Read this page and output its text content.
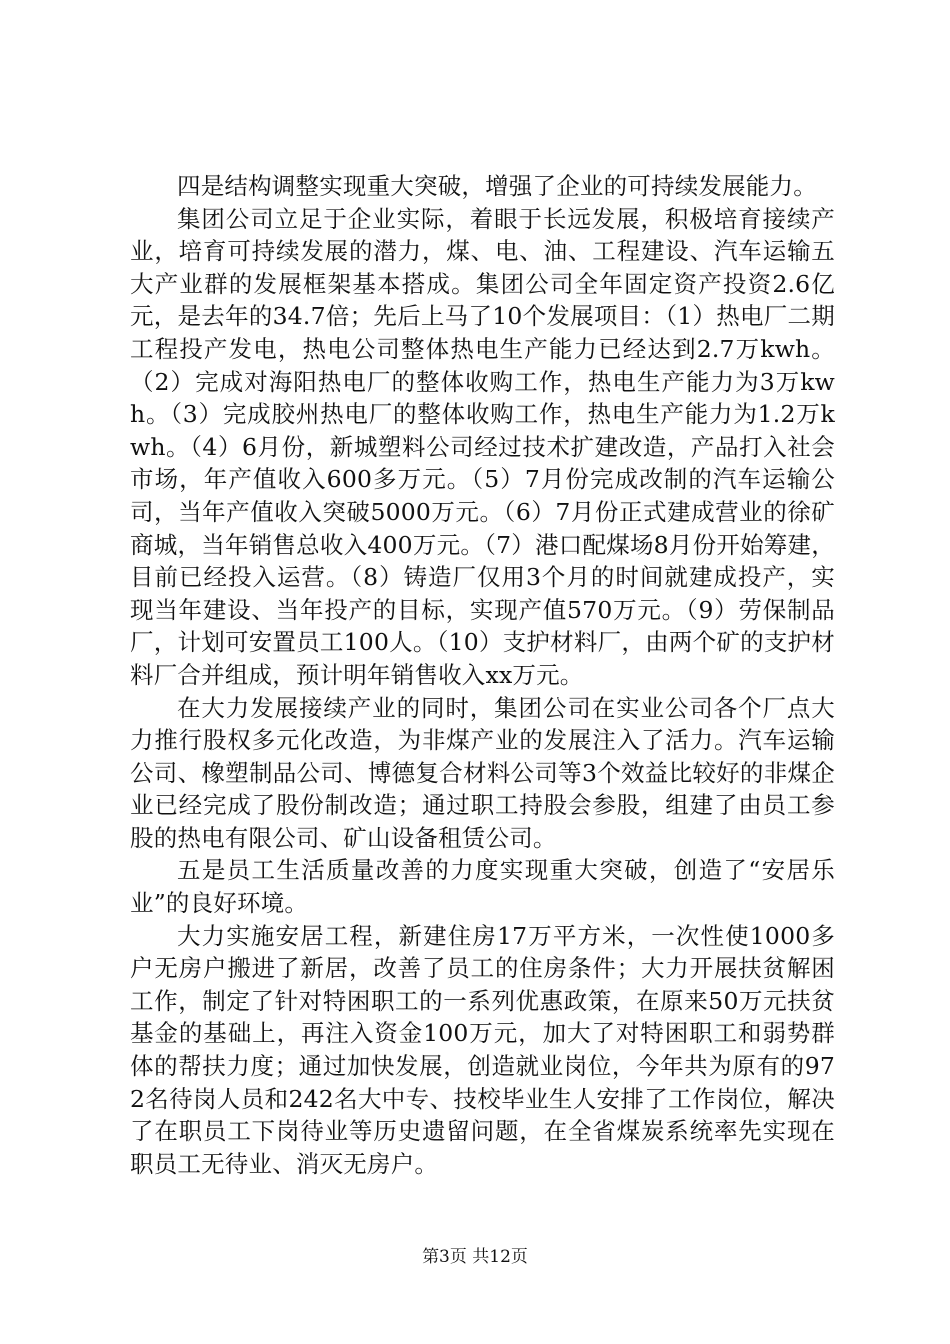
四是结构调整实现重大突破，增强了企业的可持续发展能力。

集团公司立足于企业实际，着眼于长远发展，积极培育接续产业，培育可持续发展的潜力，煤、电、油、工程建设、汽车运输五大产业群的发展框架基本搭成。集团公司全年固定资产投资2.6亿元，是去年的34.7倍；先后上马了10个发展项目：（1）热电厂二期工程投产发电，热电公司整体热电生产能力已经达到2.7万kwh。（2）完成对海阳热电厂的整体收购工作，热电生产能力为3万kwh。（3）完成胶州热电厂的整体收购工作，热电生产能力为1.2万kwh。（4）6月份，新城塑料公司经过技术扩建改造，产品打入社会市场，年产值收入600多万元。（5）7月份完成改制的汽车运输公司，当年产值收入突破5000万元。（6）7月份正式建成营业的徐矿商城，当年销售总收入400万元。（7）港口配煤场8月份开始筹建，目前已经投入运营。（8）铸造厂仅用3个月的时间就建成投产，实现当年建设、当年投产的目标，实现产值570万元。（9）劳保制品厂，计划可安置员工100人。（10）支护材料厂，由两个矿的支护材料厂合并组成，预计明年销售收入xx万元。

在大力发展接续产业的同时，集团公司在实业公司各个厂点大力推行股权多元化改造，为非煤产业的发展注入了活力。汽车运输公司、橡塑制品公司、博德复合材料公司等3个效益比较好的非煤企业已经完成了股份制改造；通过职工持股会参股，组建了由员工参股的热电有限公司、矿山设备租赁公司。

五是员工生活质量改善的力度实现重大突破，创造了“安居乐业”的良好环境。

大力实施安居工程，新建住房17万平方米，一次性使1000多户无房户搬进了新居，改善了员工的住房条件；大力开展扶贫解困工作，制定了针对特困职工的一系列优惠政策，在原来50万元扶贫基金的基础上，再注入资金100万元，加大了对特困职工和弱势群体的帮扶力度；通过加快发展，创造就业岗位，今年共为原有的972名待岗人员和242名大中专、技校毕业生人安排了工作岗位，解决了在职员工下岗待业等历史遗留问题，在全省煤炭系统率先实现在职员工无待业、消灭无房户。

第3页 共12页
